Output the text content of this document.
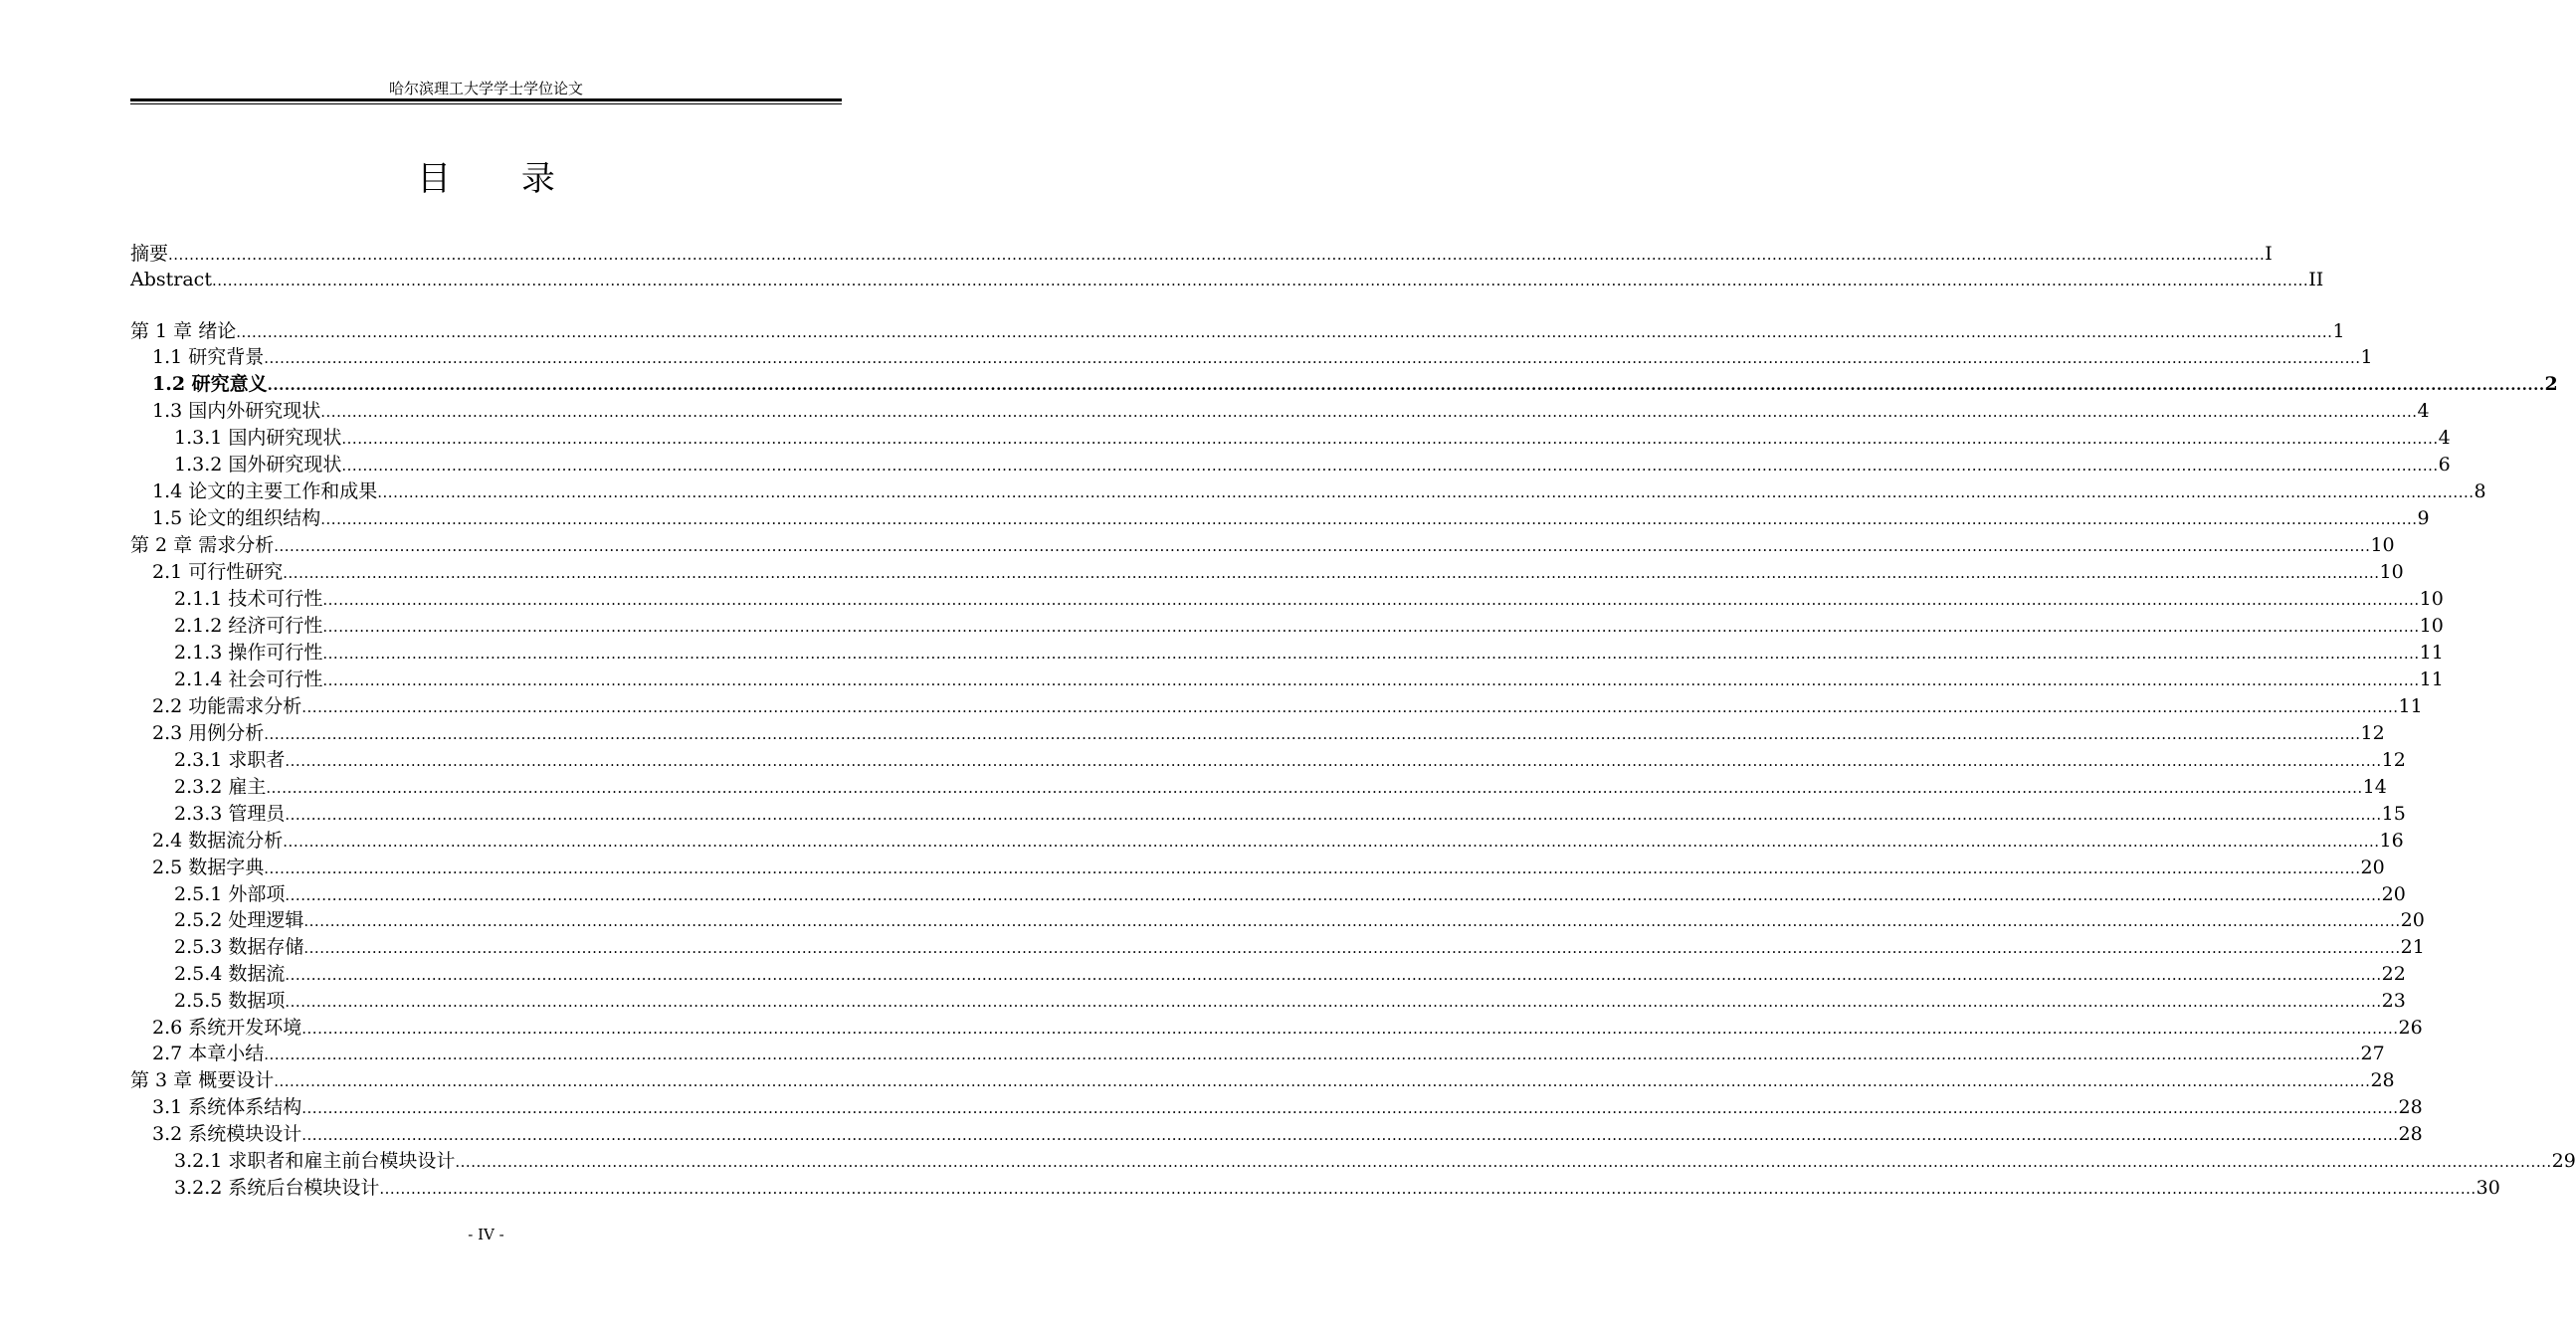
哈尔滨理工大学学士学位论文
目 录
摘要 ................................................................................................................................................................................................................................................................................................................................................................................................................ I
Abstract ................................................................................................................................................................................................................................................................................................................................................................................................................ II
第 1 章 绪论 ................................................................................................................................................................................................................................................................................................................................................................................................................ 1
1.1 研究背景 ................................................................................................................................................................................................................................................................................................................................................................................................................ 1
1.2 研究意义 ................................................................................................................................................................................................................................................................................................................................................................................................................ 2
1.3 国内外研究现状 ................................................................................................................................................................................................................................................................................................................................................................................................................ 4
1.3.1 国内研究现状 ................................................................................................................................................................................................................................................................................................................................................................................................................ 4
1.3.2 国外研究现状 ................................................................................................................................................................................................................................................................................................................................................................................................................ 6
1.4 论文的主要工作和成果 ................................................................................................................................................................................................................................................................................................................................................................................................................ 8
1.5 论文的组织结构 ................................................................................................................................................................................................................................................................................................................................................................................................................ 9
第 2 章 需求分析 ................................................................................................................................................................................................................................................................................................................................................................................................................ 10
2.1 可行性研究 ................................................................................................................................................................................................................................................................................................................................................................................................................ 10
2.1.1 技术可行性 ................................................................................................................................................................................................................................................................................................................................................................................................................ 10
2.1.2 经济可行性 ................................................................................................................................................................................................................................................................................................................................................................................................................ 10
2.1.3 操作可行性 ................................................................................................................................................................................................................................................................................................................................................................................................................ 11
2.1.4 社会可行性 ................................................................................................................................................................................................................................................................................................................................................................................................................ 11
2.2 功能需求分析 ................................................................................................................................................................................................................................................................................................................................................................................................................ 11
2.3 用例分析 ................................................................................................................................................................................................................................................................................................................................................................................................................ 12
2.3.1 求职者 ................................................................................................................................................................................................................................................................................................................................................................................................................ 12
2.3.2 雇主 ................................................................................................................................................................................................................................................................................................................................................................................................................ 14
2.3.3 管理员 ................................................................................................................................................................................................................................................................................................................................................................................................................ 15
2.4 数据流分析 ................................................................................................................................................................................................................................................................................................................................................................................................................ 16
2.5 数据字典 ................................................................................................................................................................................................................................................................................................................................................................................................................ 20
2.5.1 外部项 ................................................................................................................................................................................................................................................................................................................................................................................................................ 20
2.5.2 处理逻辑 ................................................................................................................................................................................................................................................................................................................................................................................................................ 20
2.5.3 数据存储 ................................................................................................................................................................................................................................................................................................................................................................................................................ 21
2.5.4 数据流 ................................................................................................................................................................................................................................................................................................................................................................................................................ 22
2.5.5 数据项 ................................................................................................................................................................................................................................................................................................................................................................................................................ 23
2.6 系统开发环境 ................................................................................................................................................................................................................................................................................................................................................................................................................ 26
2.7 本章小结 ................................................................................................................................................................................................................................................................................................................................................................................................................ 27
第 3 章 概要设计 ................................................................................................................................................................................................................................................................................................................................................................................................................ 28
3.1 系统体系结构 ................................................................................................................................................................................................................................................................................................................................................................................................................ 28
3.2 系统模块设计 ................................................................................................................................................................................................................................................................................................................................................................................................................ 28
3.2.1 求职者和雇主前台模块设计 ................................................................................................................................................................................................................................................................................................................................................................................................................ 29
3.2.2 系统后台模块设计 ................................................................................................................................................................................................................................................................................................................................................................................................................ 30
- IV -
